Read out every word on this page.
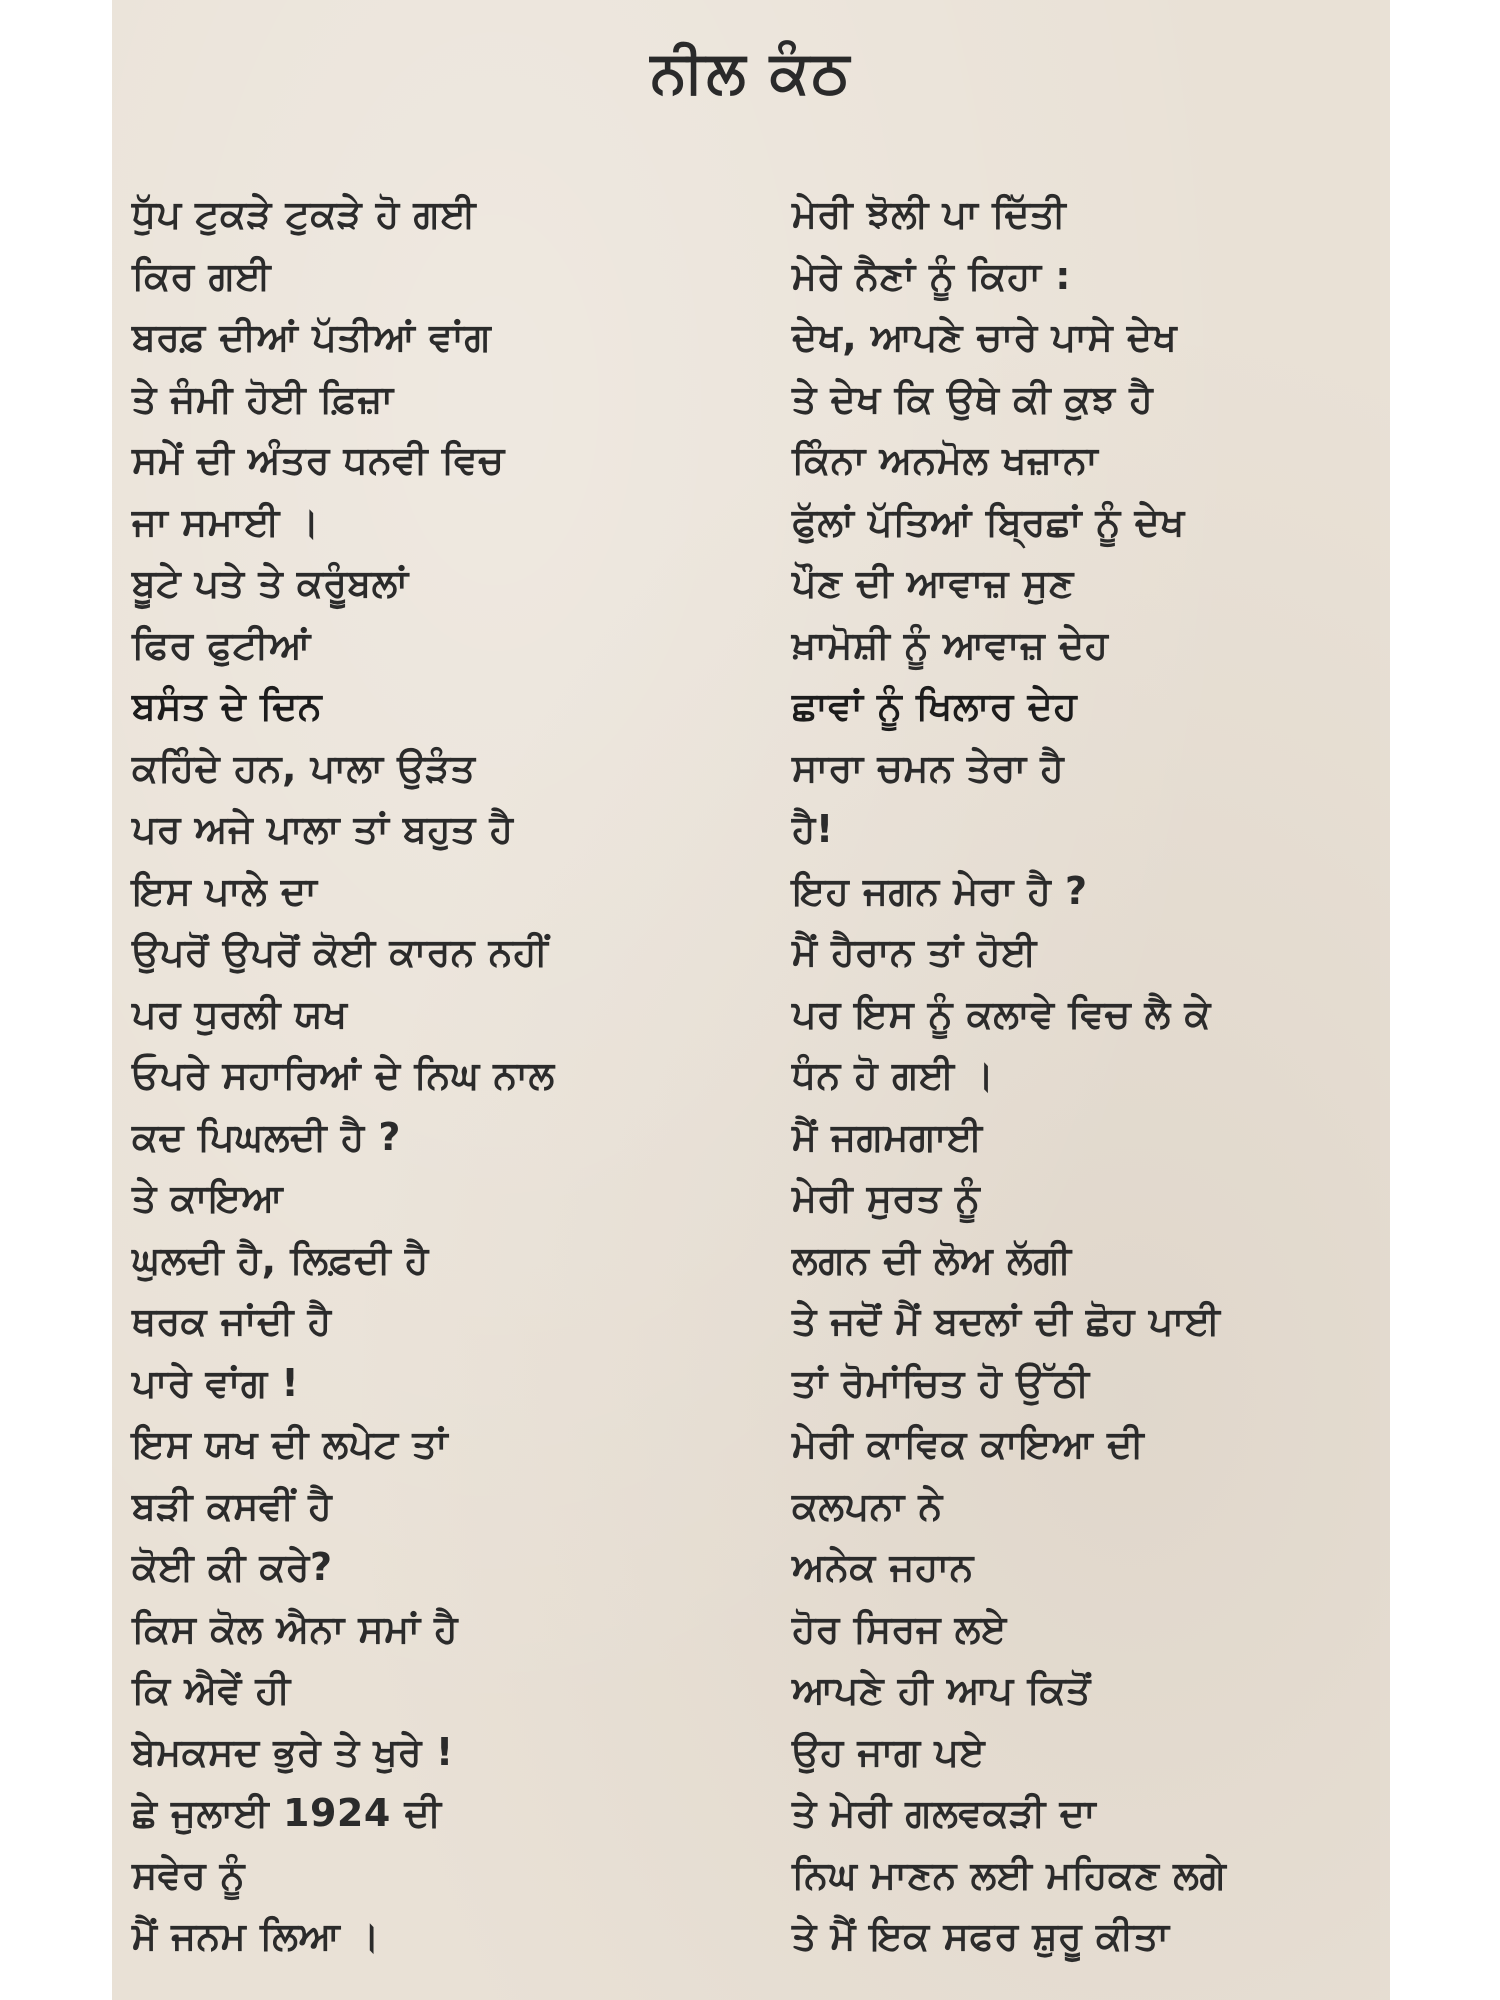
ਨੀਲ ਕੰਠ
ਧੁੱਪ ਟੁਕੜੇ ਟੁਕੜੇ ਹੋ ਗਈ
ਕਿਰ ਗਈ
ਬਰਫ਼ ਦੀਆਂ ਪੱਤੀਆਂ ਵਾਂਗ
ਤੇ ਜੰਮੀ ਹੋਈ ਫ਼ਿਜ਼ਾ
ਸਮੇਂ ਦੀ ਅੰਤਰ ਧਨਵੀ ਵਿਚ
ਜਾ ਸਮਾਈ ।
ਬੂਟੇ ਪਤੇ ਤੇ ਕਰੂੰਬਲਾਂ
ਫਿਰ ਫੁਟੀਆਂ
ਬਸੰਤ ਦੇ ਦਿਨ
ਕਹਿੰਦੇ ਹਨ, ਪਾਲਾ ਉੜੰਤ
ਪਰ ਅਜੇ ਪਾਲਾ ਤਾਂ ਬਹੁਤ ਹੈ
ਇਸ ਪਾਲੇ ਦਾ
ਉਪਰੋਂ ਉਪਰੋਂ ਕੋਈ ਕਾਰਨ ਨਹੀਂ
ਪਰ ਧੁਰਲੀ ਯਖ
ਓਪਰੇ ਸਹਾਰਿਆਂ ਦੇ ਨਿਘ ਨਾਲ
ਕਦ ਪਿਘਲਦੀ ਹੈ ?
ਤੇ ਕਾਇਆ
ਘੁਲਦੀ ਹੈ, ਲਿਫ਼ਦੀ ਹੈ
ਥਰਕ ਜਾਂਦੀ ਹੈ
ਪਾਰੇ ਵਾਂਗ !
ਇਸ ਯਖ ਦੀ ਲਪੇਟ ਤਾਂ
ਬੜੀ ਕਸਵੀਂ ਹੈ
ਕੋਈ ਕੀ ਕਰੇ?
ਕਿਸ ਕੋਲ ਐਨਾ ਸਮਾਂ ਹੈ
ਕਿ ਐਵੇਂ ਹੀ
ਬੇਮਕਸਦ ਭੁਰੇ ਤੇ ਖੁਰੇ !
ਛੇ ਜੁਲਾਈ 1924 ਦੀ
ਸਵੇਰ ਨੂੰ
ਮੈਂ ਜਨਮ ਲਿਆ ।
ਮੇਰੀ ਝੋਲੀ ਪਾ ਦਿੱਤੀ
ਮੇਰੇ ਨੈਣਾਂ ਨੂੰ ਕਿਹਾ :
ਦੇਖ, ਆਪਣੇ ਚਾਰੇ ਪਾਸੇ ਦੇਖ
ਤੇ ਦੇਖ ਕਿ ਉਥੇ ਕੀ ਕੁਝ ਹੈ
ਕਿੰਨਾ ਅਨਮੋਲ ਖਜ਼ਾਨਾ
ਫੁੱਲਾਂ ਪੱਤਿਆਂ ਬ੍ਰਿਛਾਂ ਨੂੰ ਦੇਖ
ਪੌਣ ਦੀ ਆਵਾਜ਼ ਸੁਣ
ਖ਼ਾਮੋਸ਼ੀ ਨੂੰ ਆਵਾਜ਼ ਦੇਹ
ਛਾਵਾਂ ਨੂੰ ਖਿਲਾਰ ਦੇਹ
ਸਾਰਾ ਚਮਨ ਤੇਰਾ ਹੈ
ਹੈ!
ਇਹ ਜਗਨ ਮੇਰਾ ਹੈ ?
ਮੈਂ ਹੈਰਾਨ ਤਾਂ ਹੋਈ
ਪਰ ਇਸ ਨੂੰ ਕਲਾਵੇ ਵਿਚ ਲੈ ਕੇ
ਧੰਨ ਹੋ ਗਈ ।
ਮੈਂ ਜਗਮਗਾਈ
ਮੇਰੀ ਸੁਰਤ ਨੂੰ
ਲਗਨ ਦੀ ਲੋਅ ਲੱਗੀ
ਤੇ ਜਦੋਂ ਮੈਂ ਬਦਲਾਂ ਦੀ ਛੋਹ ਪਾਈ
ਤਾਂ ਰੋਮਾਂਚਿਤ ਹੋ ਉੱਠੀ
ਮੇਰੀ ਕਾਵਿਕ ਕਾਇਆ ਦੀ
ਕਲਪਨਾ ਨੇ
ਅਨੇਕ ਜਹਾਨ
ਹੋਰ ਸਿਰਜ ਲਏ
ਆਪਣੇ ਹੀ ਆਪ ਕਿਤੋਂ
ਉਹ ਜਾਗ ਪਏ
ਤੇ ਮੇਰੀ ਗਲਵਕੜੀ ਦਾ
ਨਿਘ ਮਾਣਨ ਲਈ ਮਹਿਕਣ ਲਗੇ
ਤੇ ਮੈਂ ਇਕ ਸਫਰ ਸ਼ੁਰੂ ਕੀਤਾ
